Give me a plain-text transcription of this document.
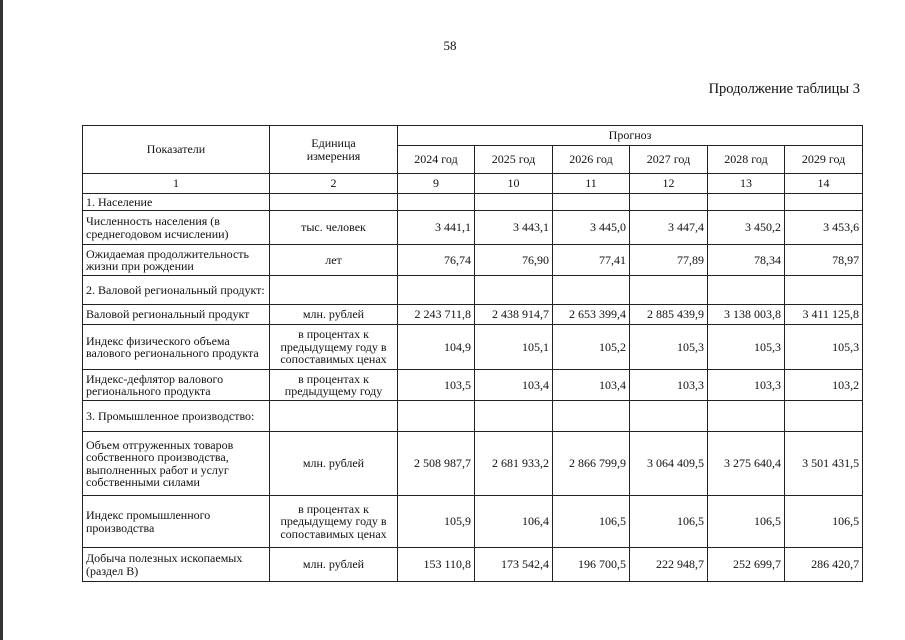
58
Продолжение таблицы 3
Показатели	Единица измерения	Прогноз					
		2024 год	2025 год	2026 год	2027 год	2028 год	2029 год
1	2	9	10	11	12	13	14
1. Население							
Численность населения (в среднегодовом исчислении)	тыс. человек	3 441,1	3 443,1	3 445,0	3 447,4	3 450,2	3 453,6
Ожидаемая продолжительность жизни при рождении	лет	76,74	76,90	77,41	77,89	78,34	78,97
2. Валовой региональный продукт:							
Валовой региональный продукт	млн. рублей	2 243 711,8	2 438 914,7	2 653 399,4	2 885 439,9	3 138 003,8	3 411 125,8
Индекс физического объема валового регионального продукта	в процентах к предыдущему году в сопоставимых ценах	104,9	105,1	105,2	105,3	105,3	105,3
Индекс-дефлятор валового регионального продукта	в процентах к предыдущему году	103,5	103,4	103,4	103,3	103,3	103,2
3. Промышленное производство:							
Объем отгруженных товаров собственного производства, выполненных работ и услуг собственными силами	млн. рублей	2 508 987,7	2 681 933,2	2 866 799,9	3 064 409,5	3 275 640,4	3 501 431,5
Индекс промышленного производства	в процентах к предыдущему году в сопоставимых ценах	105,9	106,4	106,5	106,5	106,5	106,5
Добыча полезных ископаемых (раздел B)	млн. рублей	153 110,8	173 542,4	196 700,5	222 948,7	252 699,7	286 420,7
